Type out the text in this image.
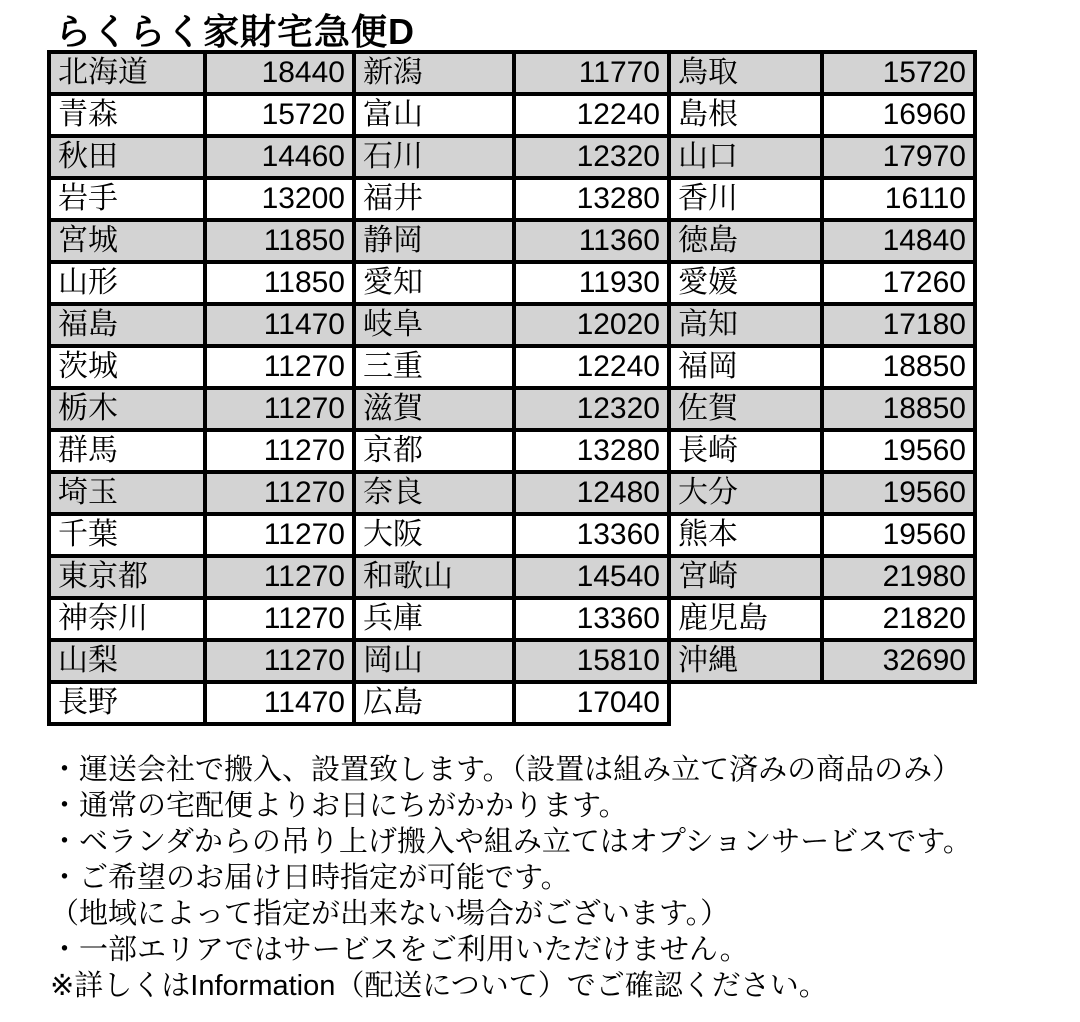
らくらく家財宅急便D
北海道	18440	新潟	11770	鳥取	15720
青森	15720	富山	12240	島根	16960
秋田	14460	石川	12320	山口	17970
岩手	13200	福井	13280	香川	16110
宮城	11850	静岡	11360	徳島	14840
山形	11850	愛知	11930	愛媛	17260
福島	11470	岐阜	12020	高知	17180
茨城	11270	三重	12240	福岡	18850
栃木	11270	滋賀	12320	佐賀	18850
群馬	11270	京都	13280	長崎	19560
埼玉	11270	奈良	12480	大分	19560
千葉	11270	大阪	13360	熊本	19560
東京都	11270	和歌山	14540	宮崎	21980
神奈川	11270	兵庫	13360	鹿児島	21820
山梨	11270	岡山	15810	沖縄	32690
長野	11470	広島	17040		
・運送会社で搬入、設置致します。（設置は組み立て済みの商品のみ）
・通常の宅配便よりお日にちがかかります。
・ベランダからの吊り上げ搬入や組み立てはオプションサービスです。
・ご希望のお届け日時指定が可能です。
（地域によって指定が出来ない場合がございます。）
・一部エリアではサービスをご利用いただけません。
※詳しくはInformation（配送について）でご確認ください。
